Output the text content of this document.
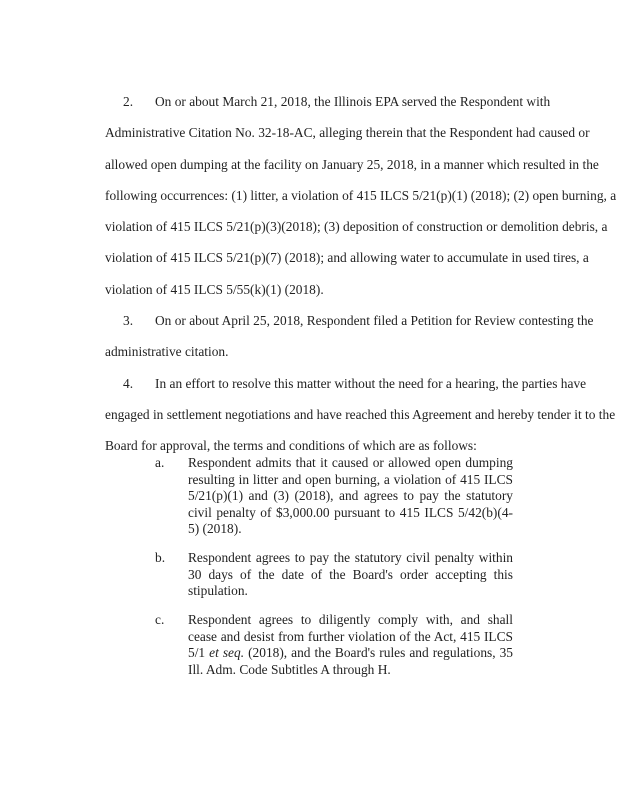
2. On or about March 21, 2018, the Illinois EPA served the Respondent with
Administrative Citation No. 32-18-AC, alleging therein that the Respondent had caused or
allowed open dumping at the facility on January 25, 2018, in a manner which resulted in the
following occurrences: (1) litter, a violation of 415 ILCS 5/21(p)(1) (2018); (2) open burning, a
violation of 415 ILCS 5/21(p)(3)(2018); (3) deposition of construction or demolition debris, a
violation of 415 ILCS 5/21(p)(7) (2018); and allowing water to accumulate in used tires, a
violation of 415 ILCS 5/55(k)(1) (2018).
3. On or about April 25, 2018, Respondent filed a Petition for Review contesting the
administrative citation.
4. In an effort to resolve this matter without the need for a hearing, the parties have
engaged in settlement negotiations and have reached this Agreement and hereby tender it to the
Board for approval, the terms and conditions of which are as follows:
a. Respondent admits that it caused or allowed open dumping
resulting in litter and open burning, a violation of 415 ILCS
5/21(p)(1) and (3) (2018), and agrees to pay the statutory
civil penalty of $3,000.00 pursuant to 415 ILCS 5/42(b)(4-
5) (2018).
b. Respondent agrees to pay the statutory civil penalty within
30 days of the date of the Board's order accepting this
stipulation.
c. Respondent agrees to diligently comply with, and shall
cease and desist from further violation of the Act, 415 ILCS
5/1 et seq. (2018), and the Board's rules and regulations, 35
Ill. Adm. Code Subtitles A through H.
